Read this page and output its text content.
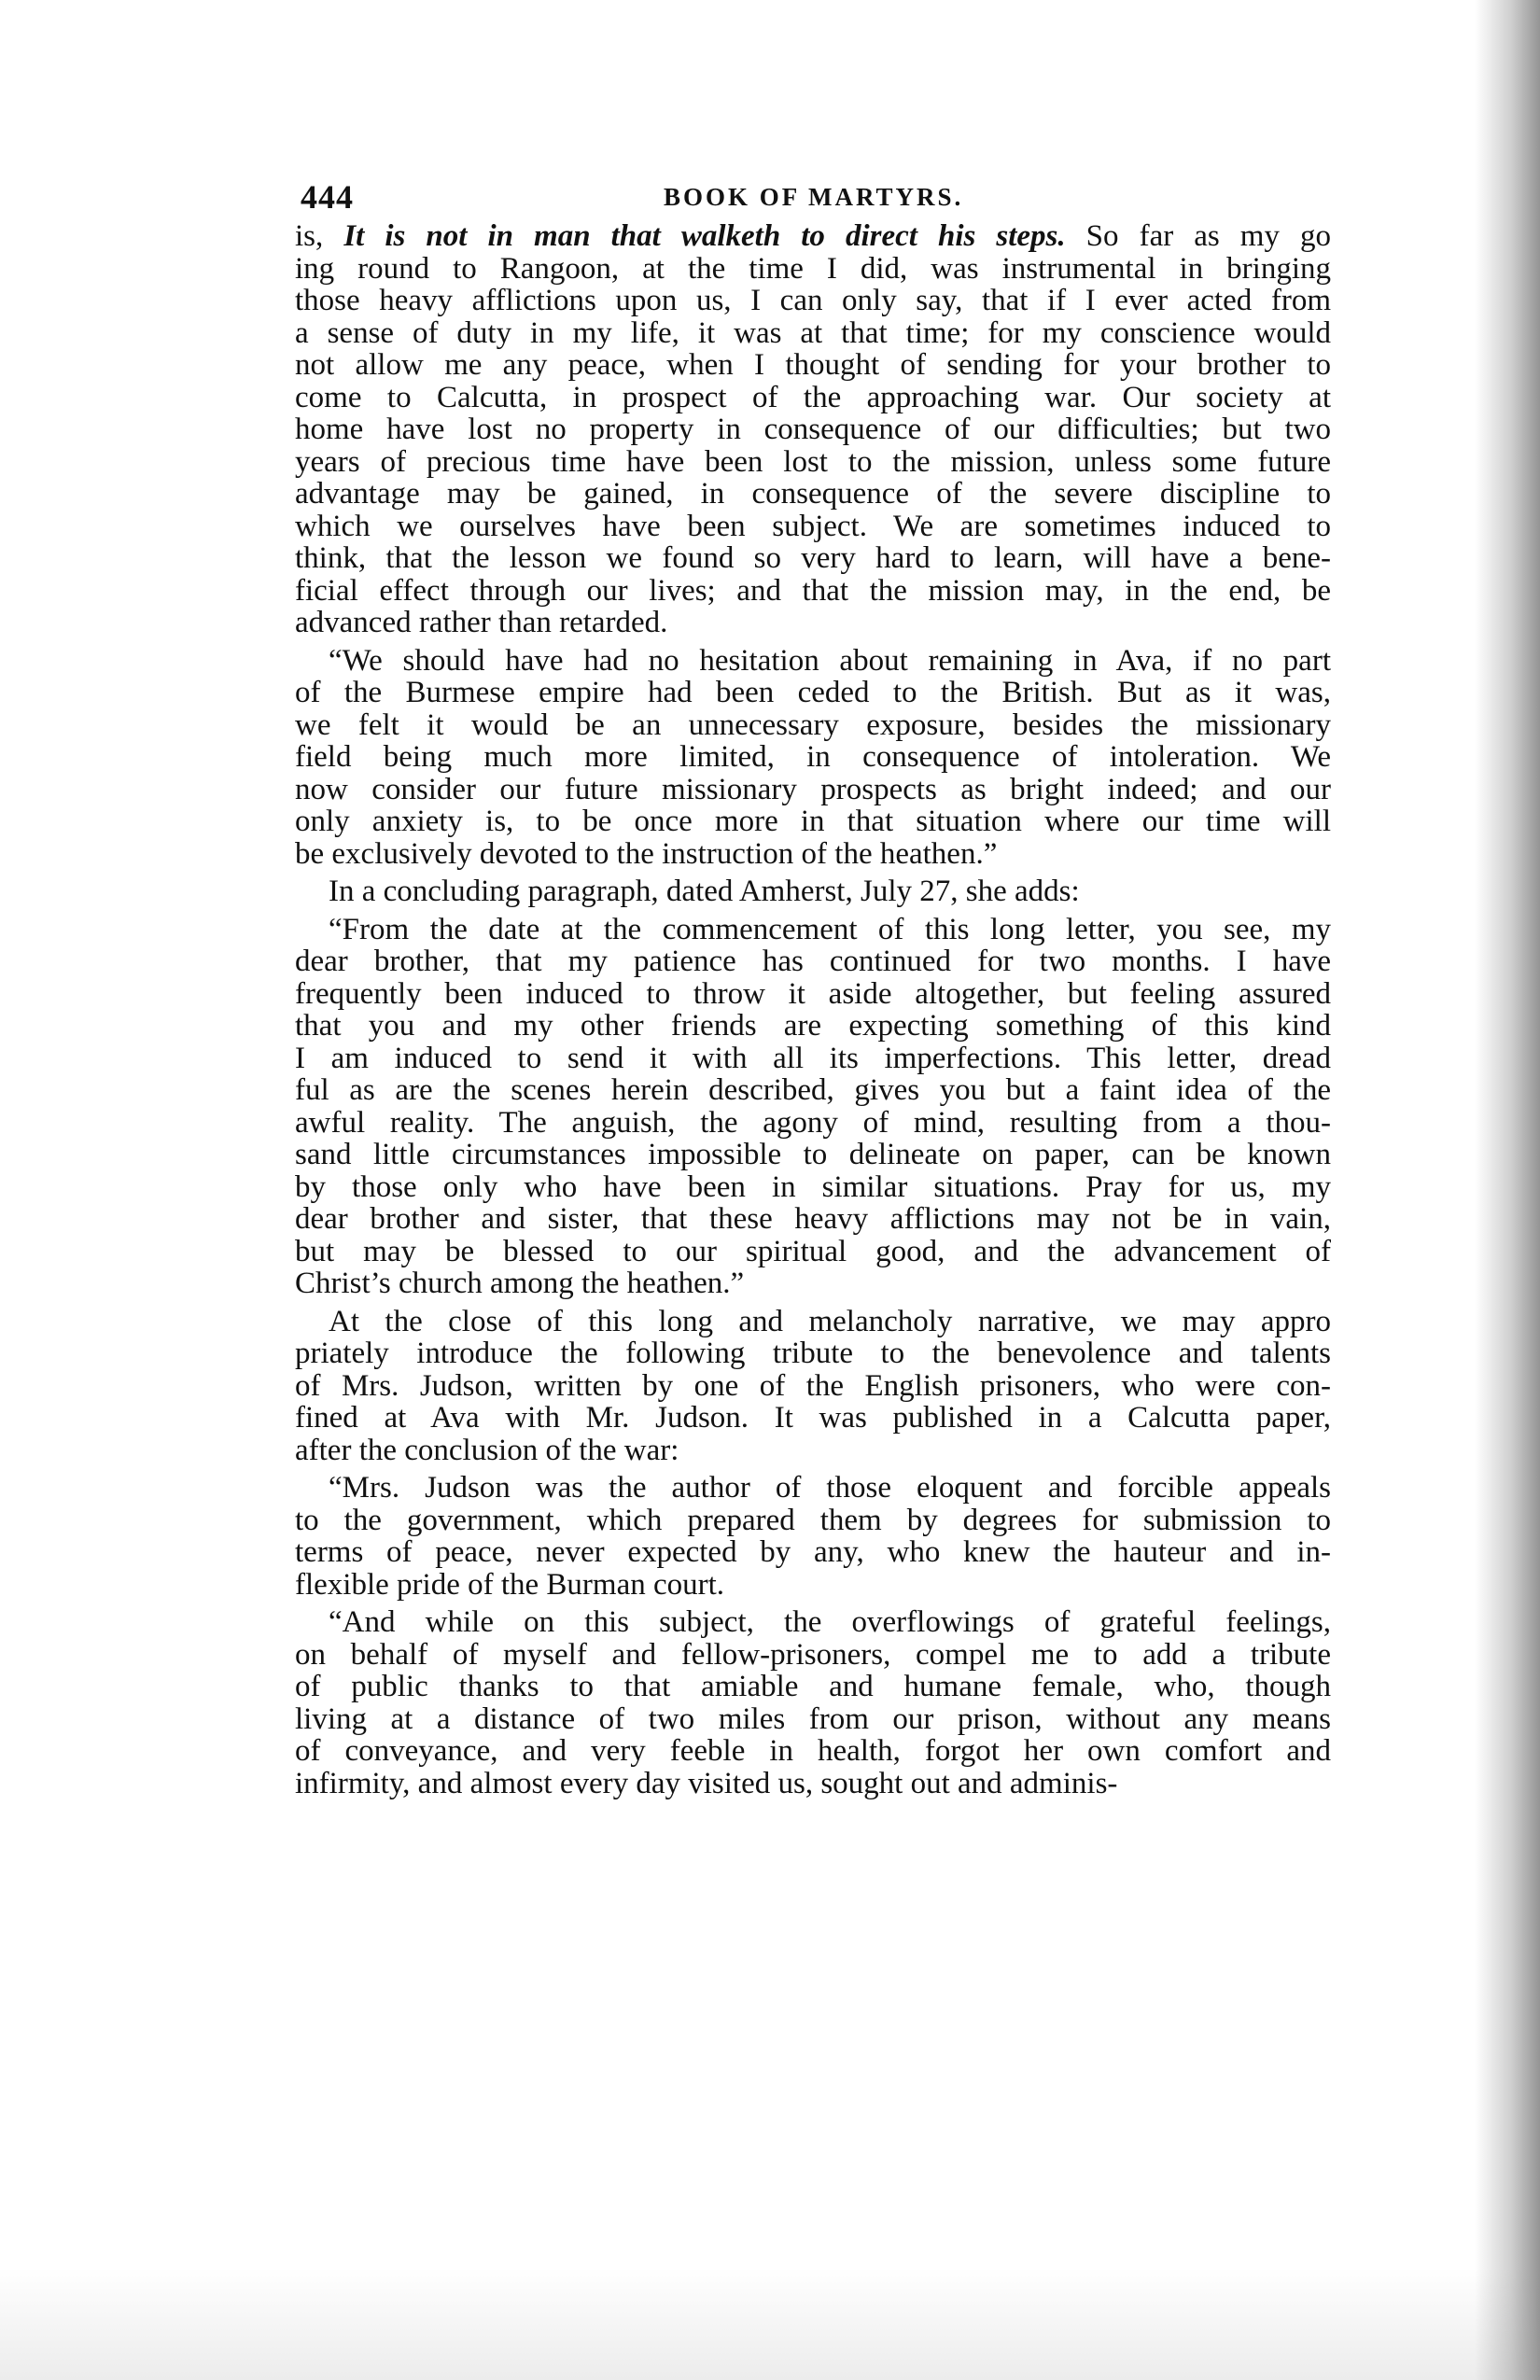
444	BOOK OF MARTYRS.

is, It is not in man that walketh to direct his steps. So far as my go
ing round to Rangoon, at the time I did, was instrumental in bringing
those heavy afflictions upon us, I can only say, that if I ever acted from
a sense of duty in my life, it was at that time; for my conscience would
not allow me any peace, when I thought of sending for your brother to
come to Calcutta, in prospect of the approaching war. Our society at
home have lost no property in consequence of our difficulties; but two
years of precious time have been lost to the mission, unless some future
advantage may be gained, in consequence of the severe discipline to
which we ourselves have been subject. We are sometimes induced to
think, that the lesson we found so very hard to learn, will have a bene-
ficial effect through our lives; and that the mission may, in the end, be
advanced rather than retarded.

“We should have had no hesitation about remaining in Ava, if no part
of the Burmese empire had been ceded to the British. But as it was,
we felt it would be an unnecessary exposure, besides the missionary
field being much more limited, in consequence of intoleration. We
now consider our future missionary prospects as bright indeed; and our
only anxiety is, to be once more in that situation where our time will
be exclusively devoted to the instruction of the heathen.”

In a concluding paragraph, dated Amherst, July 27, she adds:

“From the date at the commencement of this long letter, you see, my
dear brother, that my patience has continued for two months. I have
frequently been induced to throw it aside altogether, but feeling assured
that you and my other friends are expecting something of this kind
I am induced to send it with all its imperfections. This letter, dread
ful as are the scenes herein described, gives you but a faint idea of the
awful reality. The anguish, the agony of mind, resulting from a thou-
sand little circumstances impossible to delineate on paper, can be known
by those only who have been in similar situations. Pray for us, my
dear brother and sister, that these heavy afflictions may not be in vain,
but may be blessed to our spiritual good, and the advancement of
Christ’s church among the heathen.”

At the close of this long and melancholy narrative, we may appro
priately introduce the following tribute to the benevolence and talents
of Mrs. Judson, written by one of the English prisoners, who were con-
fined at Ava with Mr. Judson. It was published in a Calcutta paper,
after the conclusion of the war:

“Mrs. Judson was the author of those eloquent and forcible appeals
to the government, which prepared them by degrees for submission to
terms of peace, never expected by any, who knew the hauteur and in-
flexible pride of the Burman court.

“And while on this subject, the overflowings of grateful feelings,
on behalf of myself and fellow-prisoners, compel me to add a tribute
of public thanks to that amiable and humane female, who, though
living at a distance of two miles from our prison, without any means
of conveyance, and very feeble in health, forgot her own comfort and
infirmity, and almost every day visited us, sought out and adminis-
